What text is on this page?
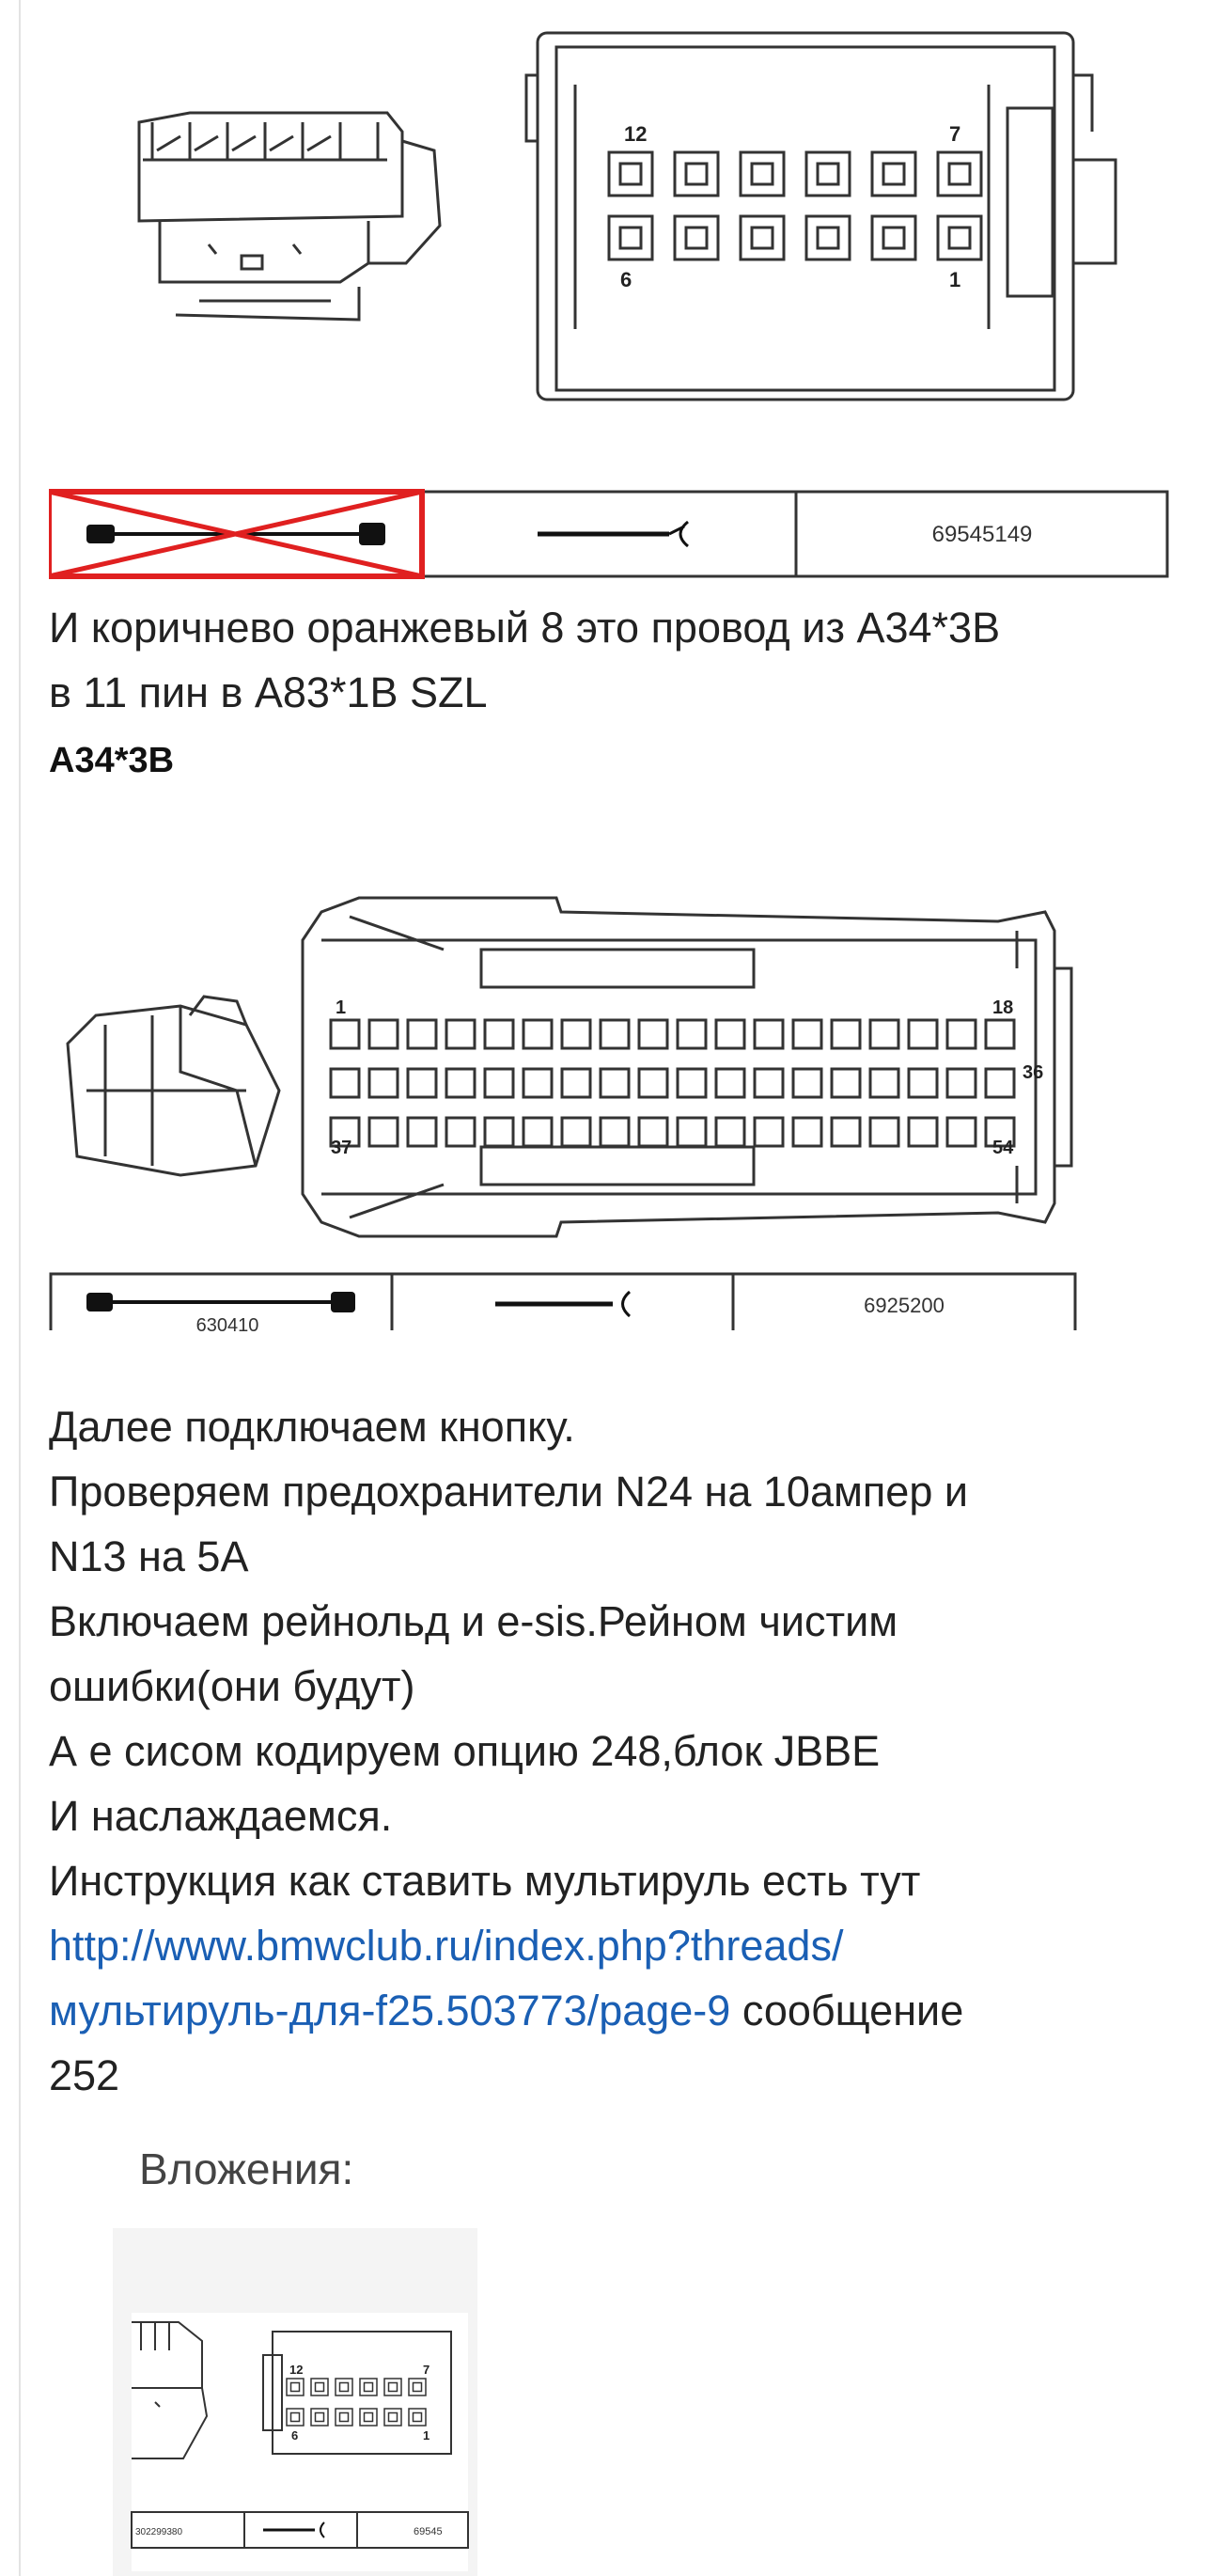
12	7
6	1
69545149

И коричнево оранжевый 8 это провод из A34*3B

в 11 пин в A83*1B SZL

A34*3B
1	18
36
37	54
630410
6925200

Далее подключаем кнопку.

Проверяем предохранители N24 на 10ампер и

N13 на 5A

Включаем рейнольд и e-sis.Рейном чистим

ошибки(они будут)

А е сисом кодируем опцию 248,блок JBBE

И наслаждаемся.

Инструкция как ставить мультируль есть тут

http://www.bmwclub.ru/index.php?threads/

мультируль-для-f25.503773/page-9 сообщение

252

Вложения:
12	7
6	1
302299380	69545
